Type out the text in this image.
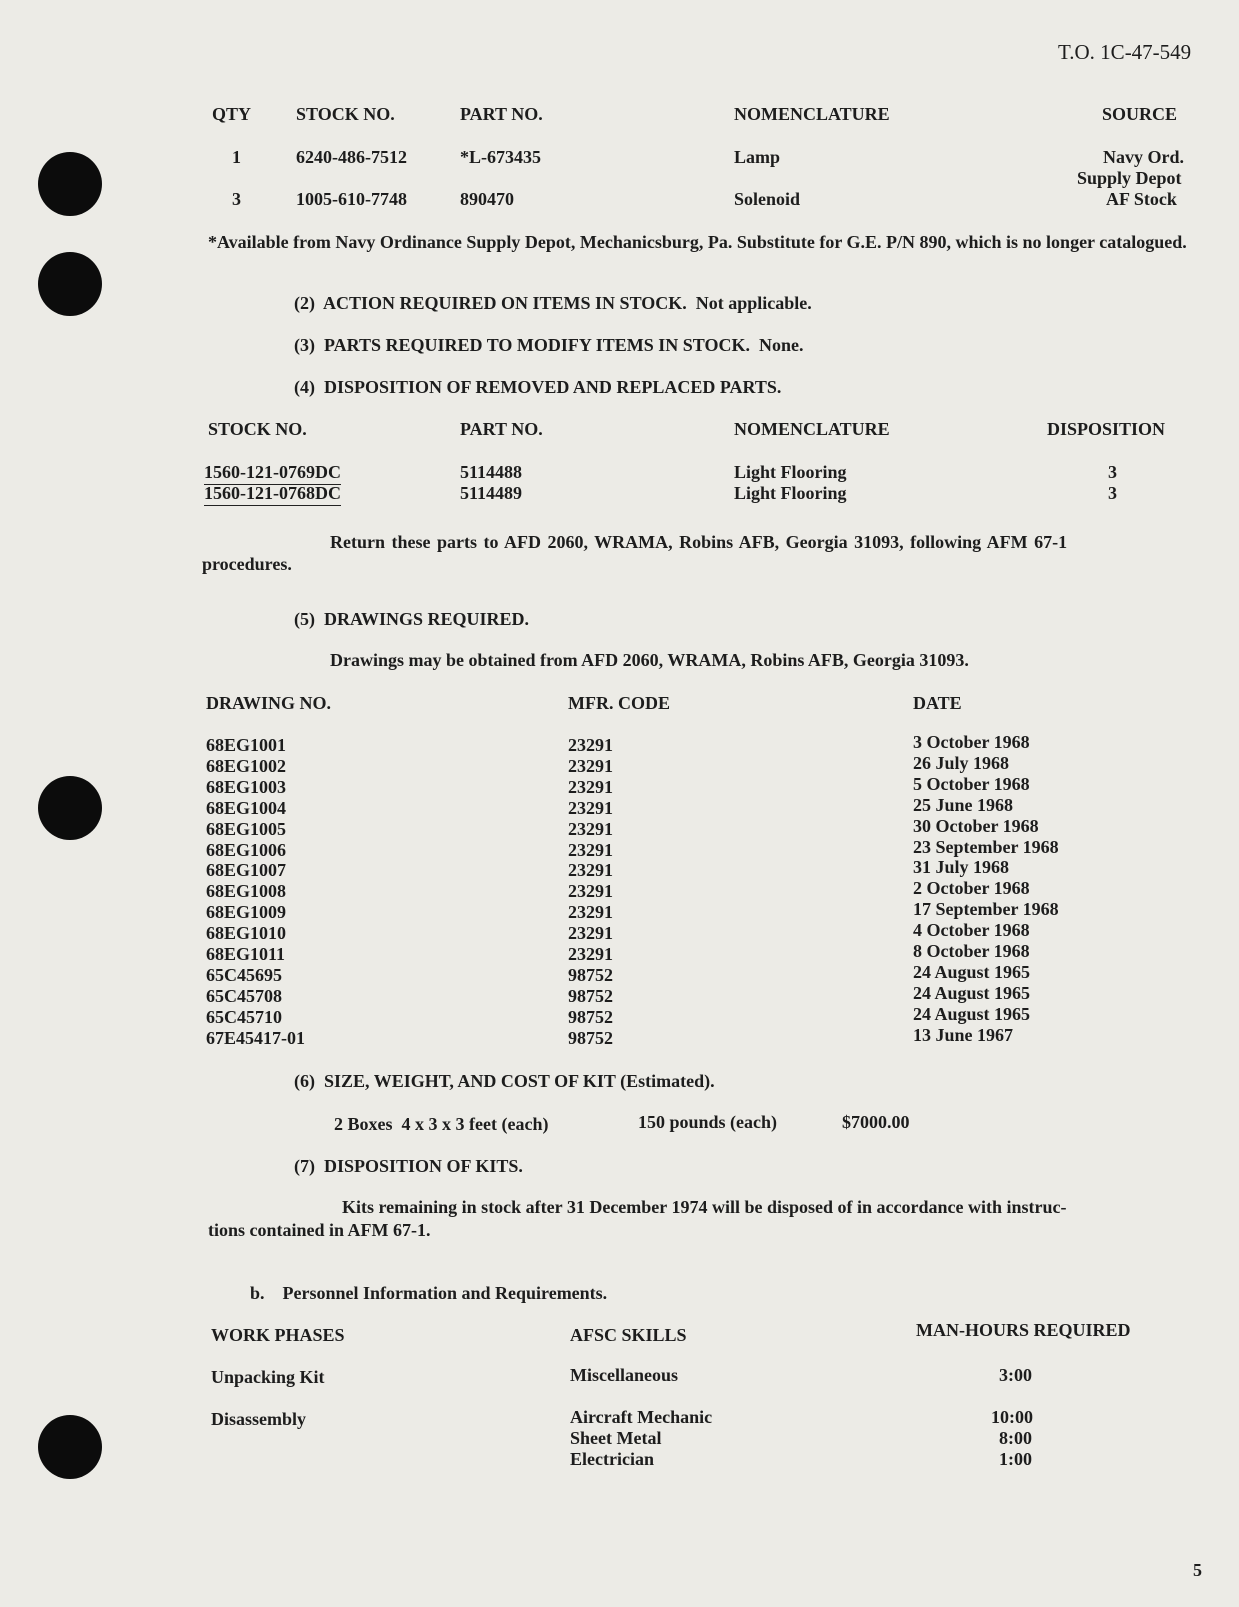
T.O. 1C-47-549
QTY STOCK NO.	PART NO.	NOMENCLATURE	SOURCE
1	6240-486-7512	*L-673435	Lamp	Navy Ord.
Supply Depot
3	1005-610-7748	890470	Solenoid	AF Stock
*Available from Navy Ordinance Supply Depot, Mechanicsburg, Pa. Substitute for G.E. P/N 890, which is no longer catalogued.
(2) ACTION REQUIRED ON ITEMS IN STOCK. Not applicable.
(3) PARTS REQUIRED TO MODIFY ITEMS IN STOCK. None.
(4) DISPOSITION OF REMOVED AND REPLACED PARTS.
STOCK NO.	PART NO.	NOMENCLATURE	DISPOSITION
1560-121-0769DC	5114488	Light Flooring	3
1560-121-0768DC	5114489	Light Flooring	3
Return these parts to AFD 2060, WRAMA, Robins AFB, Georgia 31093, following AFM 67-1
procedures.
(5) DRAWINGS REQUIRED.
Drawings may be obtained from AFD 2060, WRAMA, Robins AFB, Georgia 31093.
DRAWING NO.	MFR. CODE	DATE
68EG1001	23291	3 October 1968
68EG1002	23291	26 July 1968
68EG1003	23291	5 October 1968
68EG1004	23291	25 June 1968
68EG1005	23291	30 October 1968
68EG1006	23291	23 September 1968
68EG1007	23291	31 July 1968
68EG1008	23291	2 October 1968
68EG1009	23291	17 September 1968
68EG1010	23291	4 October 1968
68EG1011	23291	8 October 1968
65C45695	98752	24 August 1965
65C45708	98752	24 August 1965
65C45710	98752	24 August 1965
67E45417-01	98752	13 June 1967
(6) SIZE, WEIGHT, AND COST OF KIT (Estimated).
2 Boxes  4 x 3 x 3 feet (each)	150 pounds (each)	$7000.00
(7) DISPOSITION OF KITS.
Kits remaining in stock after 31 December 1974 will be disposed of in accordance with instruc-
tions contained in AFM 67-1.
b. Personnel Information and Requirements.
WORK PHASES	AFSC SKILLS	MAN-HOURS REQUIRED
Unpacking Kit	Miscellaneous	3:00
Disassembly	Aircraft Mechanic	10:00
Sheet Metal	8:00
Electrician	1:00
5
